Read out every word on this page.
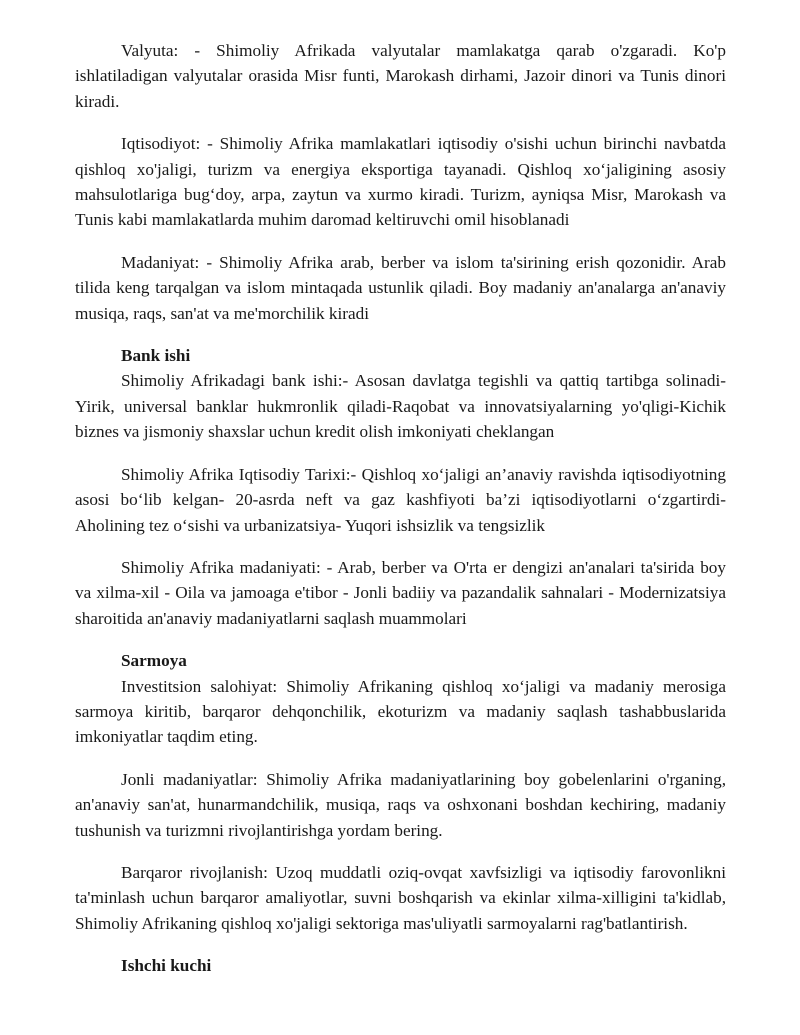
Valyuta: - Shimoliy Afrikada valyutalar mamlakatga qarab o'zgaradi. Ko'p ishlatiladigan valyutalar orasida Misr funti, Marokash dirhami, Jazoir dinori va Tunis dinori kiradi.

Iqtisodiyot: - Shimoliy Afrika mamlakatlari iqtisodiy o'sishi uchun birinchi navbatda qishloq xo'jaligi, turizm va energiya eksportiga tayanadi. Qishloq xo‘jaligining asosiy mahsulotlariga bug‘doy, arpa, zaytun va xurmo kiradi. Turizm, ayniqsa Misr, Marokash va Tunis kabi mamlakatlarda muhim daromad keltiruvchi omil hisoblanadi

Madaniyat: - Shimoliy Afrika arab, berber va islom ta'sirining erish qozonidir. Arab tilida keng tarqalgan va islom mintaqada ustunlik qiladi. Boy madaniy an'analarga an'anaviy musiqa, raqs, san'at va me'morchilik kiradi

Bank ishi

Shimoliy Afrikadagi bank ishi:- Asosan davlatga tegishli va qattiq tartibga solinadi- Yirik, universal banklar hukmronlik qiladi-Raqobat va innovatsiyalarning yo'qligi-Kichik biznes va jismoniy shaxslar uchun kredit olish imkoniyati cheklangan

Shimoliy Afrika Iqtisodiy Tarixi:- Qishloq xo‘jaligi an’anaviy ravishda iqtisodiyotning asosi bo‘lib kelgan- 20-asrda neft va gaz kashfiyoti ba’zi iqtisodiyotlarni o‘zgartirdi- Aholining tez o‘sishi va urbanizatsiya- Yuqori ishsizlik va tengsizlik

Shimoliy Afrika madaniyati: - Arab, berber va O'rta er dengizi an'analari ta'sirida boy va xilma-xil - Oila va jamoaga e'tibor - Jonli badiiy va pazandalik sahnalari - Modernizatsiya sharoitida an'anaviy madaniyatlarni saqlash muammolari

Sarmoya

Investitsion salohiyat: Shimoliy Afrikaning qishloq xo‘jaligi va madaniy merosiga sarmoya kiritib, barqaror dehqonchilik, ekoturizm va madaniy saqlash tashabbuslarida imkoniyatlar taqdim eting.

Jonli madaniyatlar: Shimoliy Afrika madaniyatlarining boy gobelenlarini o'rganing, an'anaviy san'at, hunarmandchilik, musiqa, raqs va oshxonani boshdan kechiring, madaniy tushunish va turizmni rivojlantirishga yordam bering.

Barqaror rivojlanish: Uzoq muddatli oziq-ovqat xavfsizligi va iqtisodiy farovonlikni ta'minlash uchun barqaror amaliyotlar, suvni boshqarish va ekinlar xilma-xilligini ta'kidlab, Shimoliy Afrikaning qishloq xo'jaligi sektoriga mas'uliyatli sarmoyalarni rag'batlantirish.

Ishchi kuchi
